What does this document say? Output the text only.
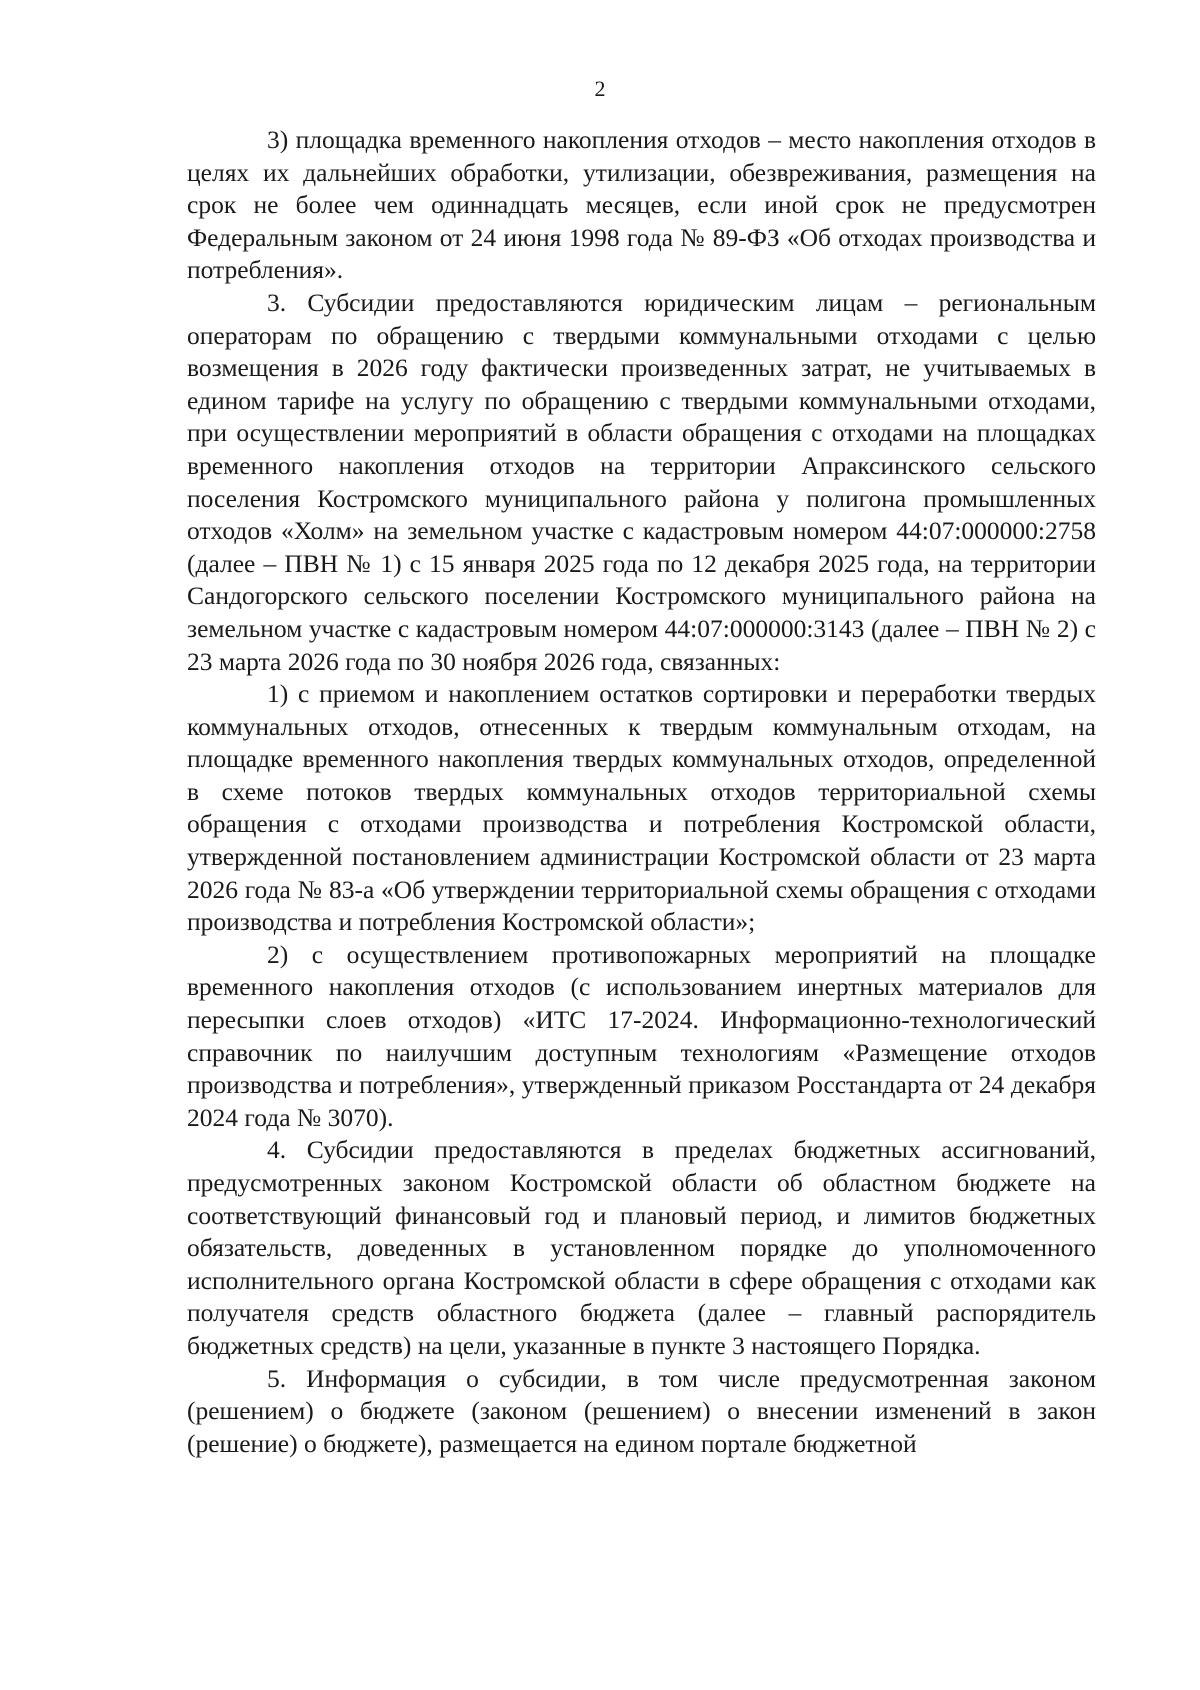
2

3) площадка временного накопления отходов – место накопления отходов в целях их дальнейших обработки, утилизации, обезвреживания, размещения на срок не более чем одиннадцать месяцев, если иной срок не предусмотрен Федеральным законом от 24 июня 1998 года № 89-ФЗ «Об отходах производства и потребления».

3. Субсидии предоставляются юридическим лицам – региональным операторам по обращению с твердыми коммунальными отходами с целью возмещения в 2026 году фактически произведенных затрат, не учитываемых в едином тарифе на услугу по обращению с твердыми коммунальными отходами, при осуществлении мероприятий в области обращения с отходами на площадках временного накопления отходов на территории Апраксинского сельского поселения Костромского муниципального района у полигона промышленных отходов «Холм» на земельном участке с кадастровым номером 44:07:000000:2758 (далее – ПВН № 1) с 15 января 2025 года по 12 декабря 2025 года, на территории Сандогорского сельского поселении Костромского муниципального района на земельном участке с кадастровым номером 44:07:000000:3143 (далее – ПВН № 2) с 23 марта 2026 года по 30 ноября 2026 года, связанных:

1) с приемом и накоплением остатков сортировки и переработки твердых коммунальных отходов, отнесенных к твердым коммунальным отходам, на площадке временного накопления твердых коммунальных отходов, определенной в схеме потоков твердых коммунальных отходов территориальной схемы обращения с отходами производства и потребления Костромской области, утвержденной постановлением администрации Костромской области от 23 марта 2026 года № 83-а «Об утверждении территориальной схемы обращения с отходами производства и потребления Костромской области»;

2) с осуществлением противопожарных мероприятий на площадке временного накопления отходов (с использованием инертных материалов для пересыпки слоев отходов) «ИТС 17-2024. Информационно-технологический справочник по наилучшим доступным технологиям «Размещение отходов производства и потребления», утвержденный приказом Росстандарта от 24 декабря 2024 года № 3070).

4. Субсидии предоставляются в пределах бюджетных ассигнований, предусмотренных законом Костромской области об областном бюджете на соответствующий финансовый год и плановый период, и лимитов бюджетных обязательств, доведенных в установленном порядке до уполномоченного исполнительного органа Костромской области в сфере обращения с отходами как получателя средств областного бюджета (далее – главный распорядитель бюджетных средств) на цели, указанные в пункте 3 настоящего Порядка.

5. Информация о субсидии, в том числе предусмотренная законом (решением) о бюджете (законом (решением) о внесении изменений в закон (решение) о бюджете), размещается на едином портале бюджетной
